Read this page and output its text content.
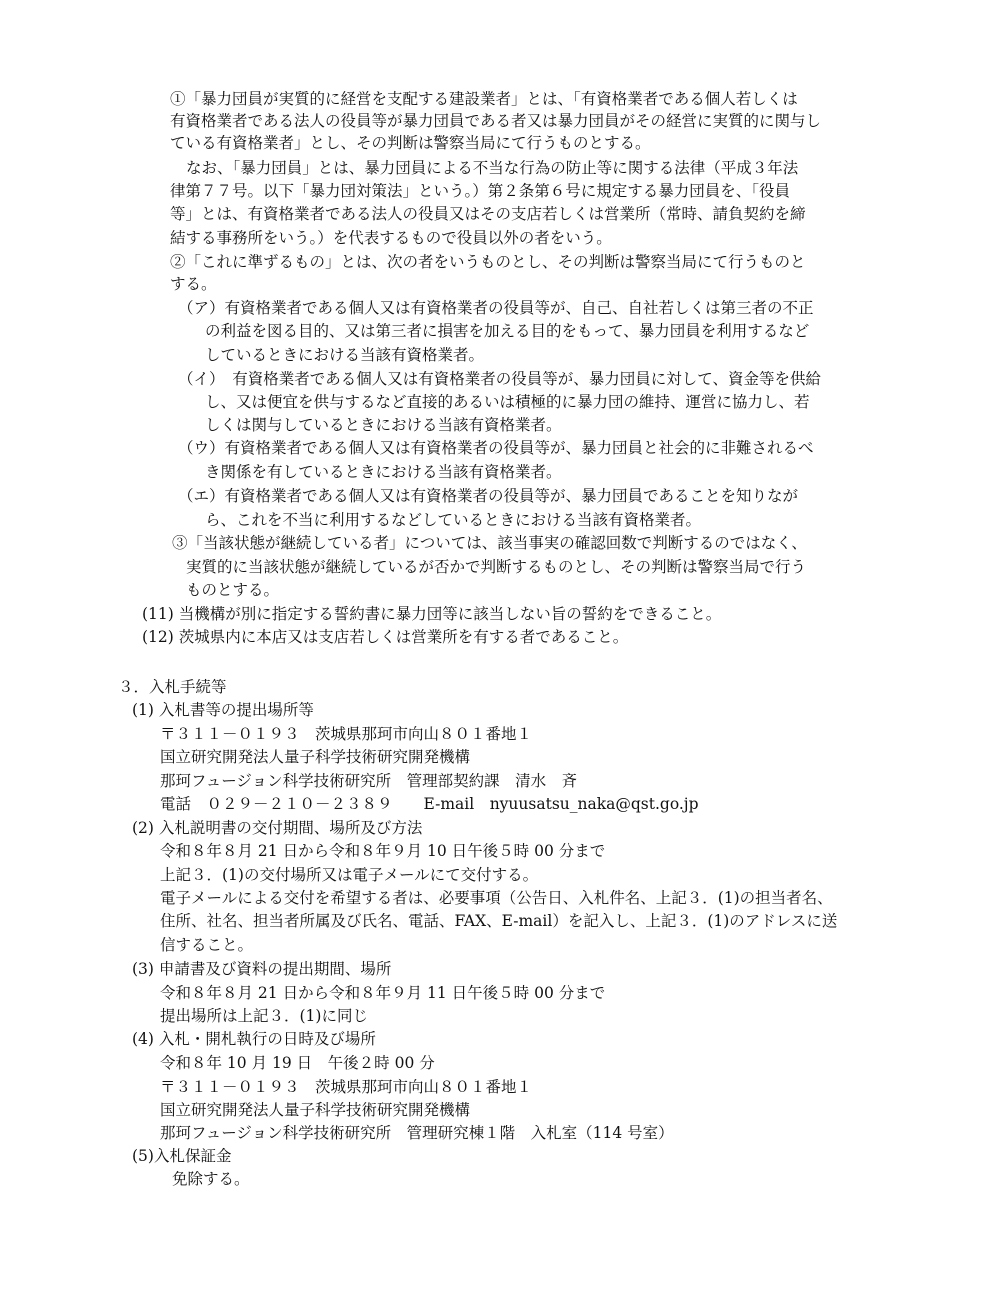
①「暴力団員が実質的に経営を支配する建設業者」とは、「有資格業者である個人若しくは
有資格業者である法人の役員等が暴力団員である者又は暴力団員がその経営に実質的に関与し
ている有資格業者」とし、その判断は警察当局にて行うものとする。
なお、「暴力団員」とは、暴力団員による不当な行為の防止等に関する法律（平成３年法
律第７７号。以下「暴力団対策法」という。）第２条第６号に規定する暴力団員を、「役員
等」とは、有資格業者である法人の役員又はその支店若しくは営業所（常時、請負契約を締
結する事務所をいう。）を代表するもので役員以外の者をいう。
②「これに準ずるもの」とは、次の者をいうものとし、その判断は警察当局にて行うものと
する。
（ア）有資格業者である個人又は有資格業者の役員等が、自己、自社若しくは第三者の不正
の利益を図る目的、又は第三者に損害を加える目的をもって、暴力団員を利用するなど
しているときにおける当該有資格業者。
（イ）　有資格業者である個人又は有資格業者の役員等が、暴力団員に対して、資金等を供給
し、又は便宜を供与するなど直接的あるいは積極的に暴力団の維持、運営に協力し、若
しくは関与しているときにおける当該有資格業者。
（ウ）有資格業者である個人又は有資格業者の役員等が、暴力団員と社会的に非難されるべ
き関係を有しているときにおける当該有資格業者。
（エ）有資格業者である個人又は有資格業者の役員等が、暴力団員であることを知りなが
ら、これを不当に利用するなどしているときにおける当該有資格業者。
③「当該状態が継続している者」については、該当事実の確認回数で判断するのではなく、
実質的に当該状態が継続しているが否かで判断するものとし、その判断は警察当局で行う
ものとする。
(11) 当機構が別に指定する誓約書に暴力団等に該当しない旨の誓約をできること。
(12) 茨城県内に本店又は支店若しくは営業所を有する者であること。
３．入札手続等
(1) 入札書等の提出場所等
〒３１１－０１９３　茨城県那珂市向山８０１番地１
国立研究開発法人量子科学技術研究開発機構
那珂フュージョン科学技術研究所　管理部契約課　清水　斉
電話　０２９－２１０－２３８９　　E-mail　nyuusatsu_naka@qst.go.jp
(2) 入札説明書の交付期間、場所及び方法
令和８年８月 21 日から令和８年９月 10 日午後５時 00 分まで
上記３．(1)の交付場所又は電子メールにて交付する。
電子メールによる交付を希望する者は、必要事項（公告日、入札件名、上記３．(1)の担当者名、
住所、社名、担当者所属及び氏名、電話、FAX、E-mail）を記入し、上記３．(1)のアドレスに送
信すること。
(3) 申請書及び資料の提出期間、場所
令和８年８月 21 日から令和８年９月 11 日午後５時 00 分まで
提出場所は上記３．(1)に同じ
(4) 入札・開札執行の日時及び場所
令和８年 10 月 19 日　午後２時 00 分
〒３１１－０１９３　茨城県那珂市向山８０１番地１
国立研究開発法人量子科学技術研究開発機構
那珂フュージョン科学技術研究所　管理研究棟１階　入札室（114 号室）
(5)入札保証金
免除する。
